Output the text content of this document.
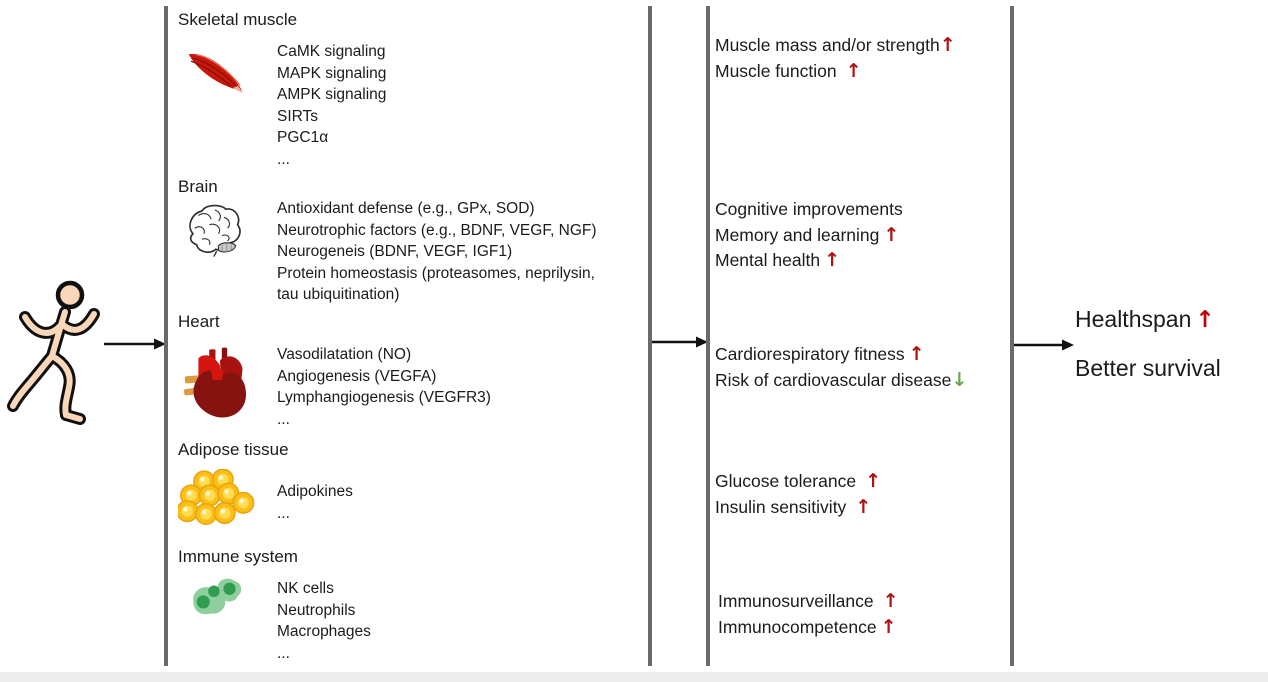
Skeletal muscle
CaMK signaling
MAPK signaling
AMPK signaling
SIRTs
PGC1α
...
Brain
Antioxidant defense (e.g., GPx, SOD)
Neurotrophic factors (e.g., BDNF, VEGF, NGF)
Neurogeneis (BDNF, VEGF, IGF1)
Protein homeostasis (proteasomes, neprilysin,
tau ubiquitination)
Heart
Vasodilatation (NO)
Angiogenesis (VEGFA)
Lymphangiogenesis (VEGFR3)
...
Adipose tissue
Adipokines
...
Immune system
NK cells
Neutrophils
Macrophages
...
Muscle mass and/or strength↑
Muscle function ↑
Cognitive improvements
Memory and learning ↑
Mental health ↑
Cardiorespiratory fitness ↑
Risk of cardiovascular disease↓
Glucose tolerance ↑
Insulin sensitivity ↑
Immunosurveillance ↑
Immunocompetence ↑
Healthspan ↑
Better survival
